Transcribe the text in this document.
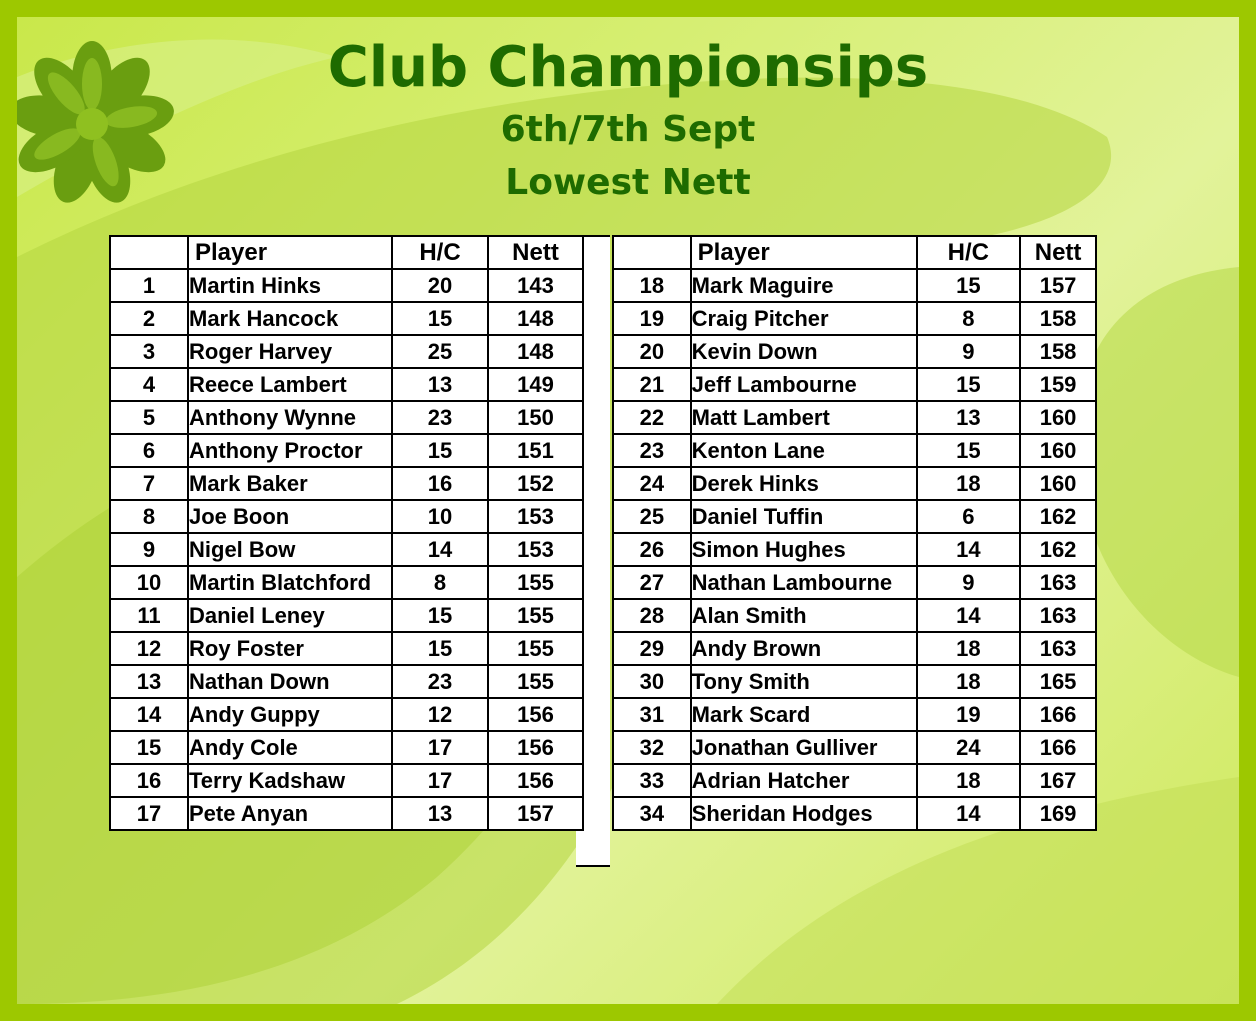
Club Championsips
6th/7th Sept
Lowest Nett
	Player	H/C	Nett
1	Martin Hinks	20	143
2	Mark Hancock	15	148
3	Roger Harvey	25	148
4	Reece Lambert	13	149
5	Anthony Wynne	23	150
6	Anthony Proctor	15	151
7	Mark Baker	16	152
8	Joe Boon	10	153
9	Nigel Bow	14	153
10	Martin Blatchford	8	155
11	Daniel Leney	15	155
12	Roy Foster	15	155
13	Nathan Down	23	155
14	Andy Guppy	12	156
15	Andy Cole	17	156
16	Terry Kadshaw	17	156
17	Pete Anyan	13	157
	Player	H/C	Nett
18	Mark Maguire	15	157
19	Craig Pitcher	8	158
20	Kevin Down	9	158
21	Jeff Lambourne	15	159
22	Matt Lambert	13	160
23	Kenton Lane	15	160
24	Derek Hinks	18	160
25	Daniel Tuffin	6	162
26	Simon Hughes	14	162
27	Nathan Lambourne	9	163
28	Alan Smith	14	163
29	Andy Brown	18	163
30	Tony Smith	18	165
31	Mark Scard	19	166
32	Jonathan Gulliver	24	166
33	Adrian Hatcher	18	167
34	Sheridan Hodges	14	169
